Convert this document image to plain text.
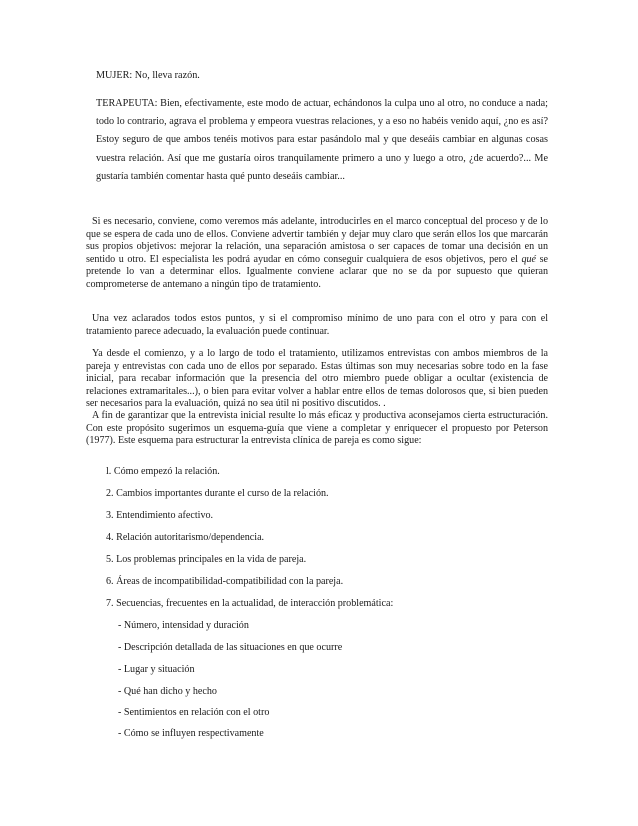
MUJER: No, lleva razón.
TERAPEUTA: Bien, efectivamente, este modo de actuar, echándonos la culpa uno al otro, no conduce a nada; todo lo contrario, agrava el problema y empeora vuestras relaciones, y a eso no habéis venido aquí, ¿no es así? Estoy seguro de que ambos tenéis motivos para estar pasándolo mal y que deseáis cambiar en algunas cosas vuestra relación. Así que me gustaría oiros tranquilamente primero a uno y luego a otro, ¿de acuerdo?... Me gustaría también comentar hasta qué punto deseáis cambiar...

Si es necesario, conviene, como veremos más adelante, introducirles en el marco conceptual del proceso y de lo que se espera de cada uno de ellos. Conviene advertir también y dejar muy claro que serán ellos los que marcarán sus propios objetivos: mejorar la relación, una separación amistosa o ser capaces de tomar una decisión en un sentido u otro. El especialista les podrá ayudar en cómo conseguir cualquiera de esos objetivos, pero el qué se pretende lo van a determinar ellos. Igualmente conviene aclarar que no se da por supuesto que quieran comprometerse de antemano a ningún tipo de tratamiento.

Una vez aclarados todos estos puntos, y si el compromiso mínimo de uno para con el otro y para con el tratamiento parece adecuado, la evaluación puede continuar.

Ya desde el comienzo, y a lo largo de todo el tratamiento, utilizamos entrevistas con ambos miembros de la pareja y entrevistas con cada uno de ellos por separado. Estas últimas son muy necesarias sobre todo en la fase inicial, para recabar información que la presencia del otro miembro puede obligar a ocultar (existencia de relaciones extramaritales...), o bien para evitar volver a hablar entre ellos de temas dolorosos que, si bien pueden ser necesarios para la evaluación, quizá no sea útil ni positivo discutidos. .

A fin de garantizar que la entrevista inicial resulte lo más eficaz y productiva aconsejamos cierta estructuración. Con este propósito sugerimos un esquema-guía que viene a completar y enriquecer el propuesto por Peterson (1977). Este esquema para estructurar la entrevista clínica de pareja es como sigue:

l. Cómo empezó la relación.
2. Cambios importantes durante el curso de la relación.
3. Entendimiento afectivo.
4. Relación autoritarismo/dependencia.
5. Los problemas principales en la vida de pareja.
6. Áreas de incompatibilidad-compatibilidad con la pareja.
7. Secuencias, frecuentes en la actualidad, de interacción problemática:
- Número, intensidad y duración
- Descripción detallada de las situaciones en que ocurre
- Lugar y situación
- Qué han dicho y hecho
- Sentimientos en relación con el otro
- Cómo se influyen respectivamente
